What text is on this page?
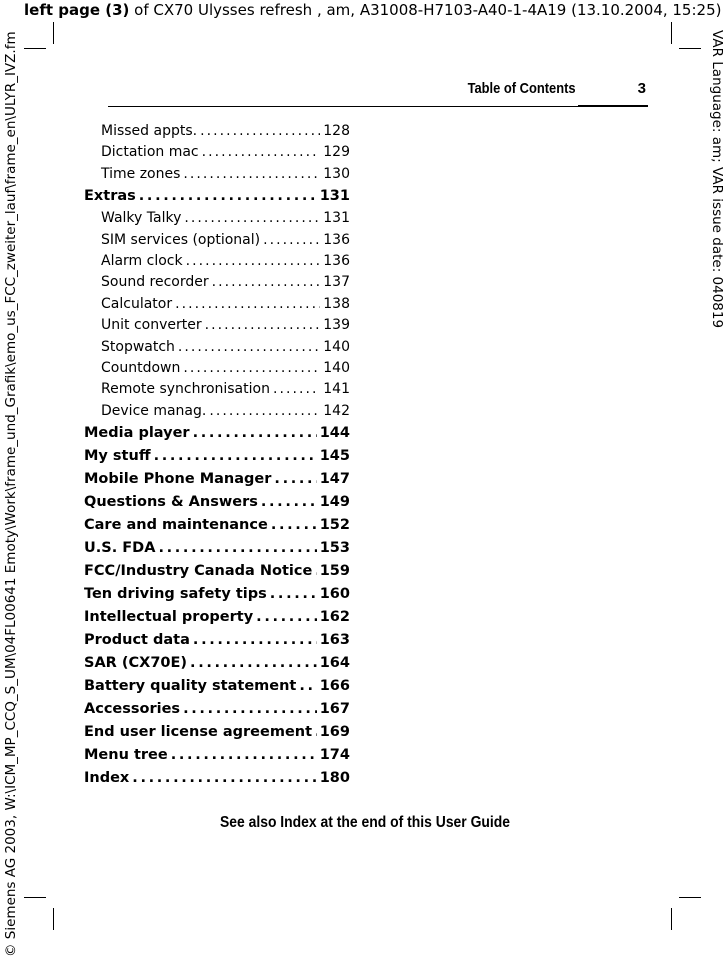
left page (3) of CX70 Ulysses refresh , am, A31008-H7103-A40-1-4A19 (13.10.2004, 15:25)
VAR Language: am; VAR issue date: 040819
© Siemens AG 2003, W:\ICM_MP_CCQ_S_UM\04FL00641 Emoty\Work\frame_und_Grafik\emo_us_FCC_zweiter_lauf\frame_en\ULYR_IVZ.fm	Table of Contents	3
Missed appts. . . .	128
Dictation mac . . .	129
Time zones . . .	130
Extras . . .	131
Walky Talky . . .	131
SIM services (optional) . . .	136
Alarm clock . . .	136
Sound recorder . . .	137
Calculator . . .	138
Unit converter . . .	139
Stopwatch . . .	140
Countdown . . .	140
Remote synchronisation . . .	141
Device manag. . . .	142
Media player . . .	144
My stuff . . .	145
Mobile Phone Manager . . .	147
Questions & Answers . . .	149
Care and maintenance . . .	152
U.S. FDA . . .	153
FCC/Industry Canada Notice . . . 159
Ten driving safety tips . . .	160
Intellectual property . . .	162
Product data . . .	163
SAR (CX70E) . . .	164
Battery quality statement . . . 166
Accessories . . .	167
End user license agreement . . . 169
Menu tree . . .	174
Index . . .	180
See also Index at the end of this User Guide
